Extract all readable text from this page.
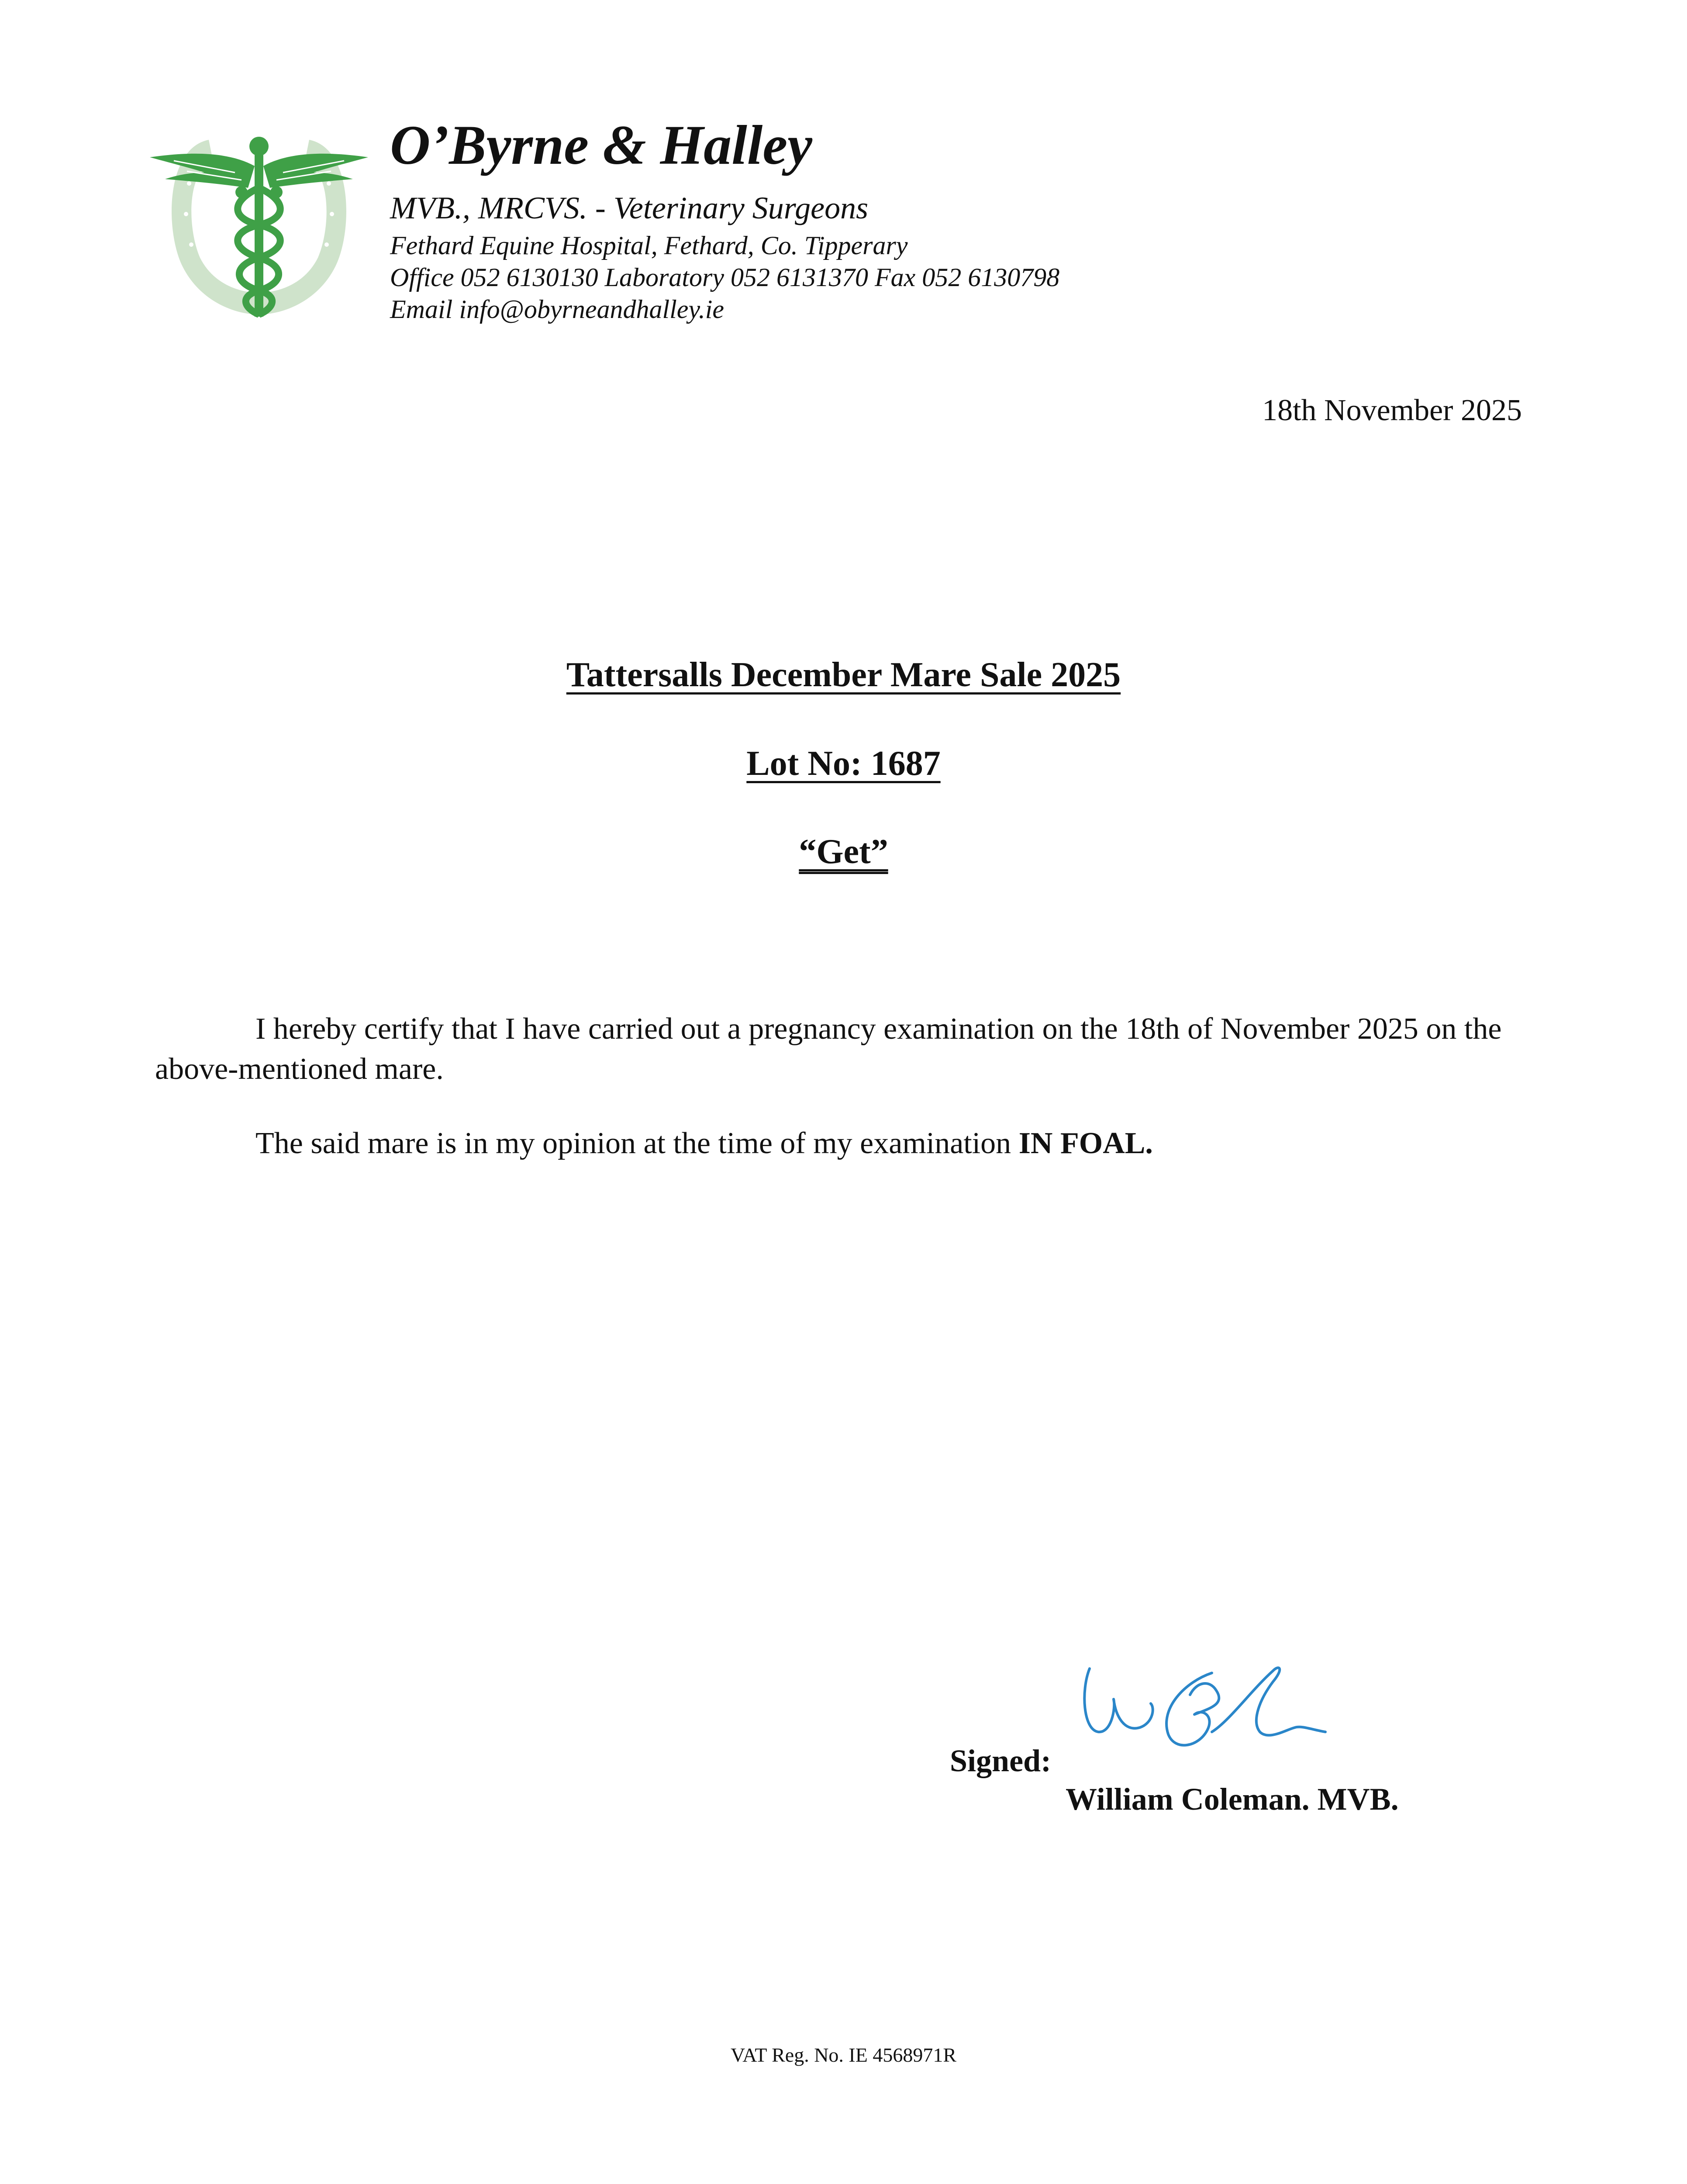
O’Byrne & Halley
MVB., MRCVS. - Veterinary Surgeons
Fethard Equine Hospital, Fethard, Co. Tipperary
Office 052 6130130 Laboratory 052 6131370 Fax 052 6130798
Email info@obyrneandhalley.ie
18th November 2025
Tattersalls December Mare Sale 2025
Lot No: 1687
“Get”
I hereby certify that I have carried out a pregnancy examination on the 18th of November 2025 on the above-mentioned mare.
The said mare is in my opinion at the time of my examination IN FOAL.
Signed:
William Coleman. MVB.
VAT Reg. No. IE 4568971R
